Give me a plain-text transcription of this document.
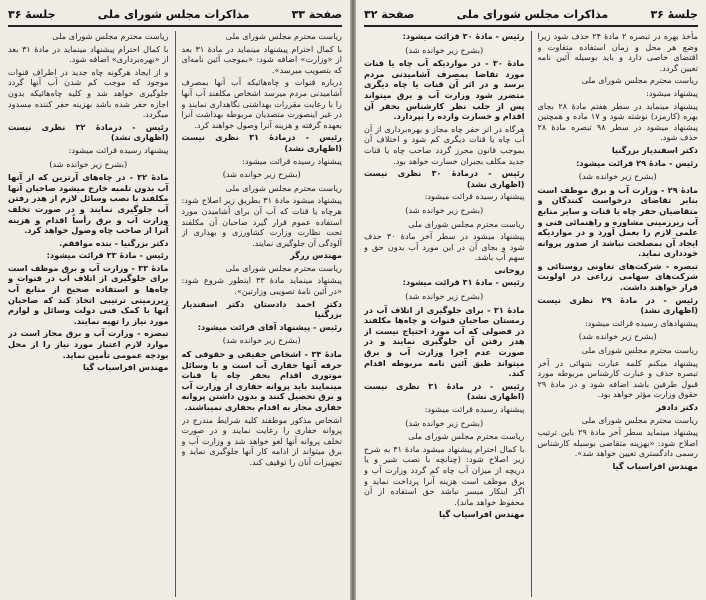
صفحة ۳۳
مذاکرات مجلس شورای ملی
جلسهٔ ۳۶

ریاست محترم مجلس شورای ملی

با کمال احترام پیشنهاد مینماید در مادهٔ ۳۱ بعد از «وزارت» اضافه شود: «بموجب آئین نامه‌ای که بتصویب میرسد».

درباره قنوات و چاه‌هائیکه آب آنها بمصرف آشامیدنی مردم میرسد اشخاص مکلفند آب آنها را با رعایت مقررات بهداشتی نگاهداری نمایند و در غیر اینصورت متصدیان مربوطه بهداشت آنرا بعهده گرفته و هزینه آنرا وصول خواهند کرد.

رئیس - درمادهٔ ۳۱ نظری نیست (اظهاری نشد)

پیشنهاد رسیده قرائت میشود:

(بشرح زیر خوانده شد)

ریاست محترم مجلس شورای ملی

پیشنهاد میشود مادهٔ ۳۱ بطریق زیر اصلاح شود: هرچاه یا قنات که آب آن برای آشامیدن مورد استفاده عموم قرار گیرد صاحبان آن مکلفند تحت نظارت وزارت کشاورزی و بهداری از آلودگی آن جلوگیری نمایند.

مهندس زرگر

ریاست محترم مجلس شورای ملی

پیشنهاد مینماید مادهٔ ۳۳ اینطور شروع شود: «در آئین نامهٔ تصویبی وزارتین».

دکتر احمد دادستان دکتر اسفندیار بزرگنیا

رئیس - پیشنهاد آقای قرائت میشود:

(بشرح زیر خوانده شد)

مادهٔ ۳۴ - اشخاص حقیقی و حقوقی که حرفه آنها حفاری آب است و با وسائل موتوری اقدام بحفر چاه یا قنات مینمایند باید پروانه حفاری از وزارت آب و برق تحصیل کنند و بدون داشتن پروانه حفاری مجاز به اقدام بحفاری نمیباشند.

اشخاص مذکور موظفند کلیه شرایط مندرج در پروانه حفاری را رعایت نمایند و در صورت تخلف پروانه آنها لغو خواهد شد و وزارت آب و برق میتواند از ادامه کار آنها جلوگیری نماید و تجهیزات آنان را توقیف کند.

ریاست محترم مجلس شورای ملی

با کمال احترام پیشنهاد مینماید در مادهٔ ۳۱ بعد از «بهره‌برداری» اضافه شود.

و از ایجاد هرگونه چاه جدید در اطراف قنوات موجود که موجب کم شدن آب آنها گردد جلوگیری خواهد شد و کلیه چاه‌هائیکه بدون اجازه حفر شده باشد بهزینه حفر کننده مسدود میگردد.

رئیس - درمادهٔ ۳۲ نظری نیست (اظهاری نشد)

پیشنهاد رسیده قرائت میشود:

(بشرح زیر خوانده شد)

مادهٔ ۳۲ - در چاه‌های آرتزین که از آنها آب بدون تلمبه خارج میشود صاحبان آنها مکلفند با نصب وسائل لازم از هدر رفتن آب جلوگیری نمایند و در صورت تخلف وزارت آب و برق رأساً اقدام و هزینه آنرا از صاحب چاه وصول خواهد کرد.

دکتر بزرگنیا - بنده موافقم.

رئیس - مادهٔ ۳۳ قرائت میشود:

مادهٔ ۳۳ - وزارت آب و برق موظف است برای جلوگیری از اتلاف آب در قنوات و چاه‌ها و استفاده صحیح از منابع آب زیرزمینی ترتیبی اتخاذ کند که صاحبان آنها با کمک فنی دولت وسائل و لوازم مورد نیاز را تهیه نمایند.

تبصره - وزارت آب و برق مجاز است در موارد لازم اعتبار مورد نیاز را از محل بودجه عمومی تأمین نماید.

مهندس افراسیاب گیا

جلسهٔ ۳۶
مذاکرات مجلس شورای ملی
صفحة ۳۲

مأخذ بهره در تبصره ۲ مادهٔ ۲۴ حذف شود زیرا وضع هر محل و زمان استفاده متفاوت و اقتضای خاصی دارد و باید بوسیله آئین نامه تعیین گردد.

ریاست محترم مجلس شورای ملی

پیشنهاد میشود:

پیشنهاد مینماید در سطر هفتم مادهٔ ۲۸ بجای بهره (کارمزد) نوشته شود و ۱۷ ماده و همچنین پیشنهاد میشود در سطر ۹۸ تبصره مادهٔ ۲۸ حذف شود.

دکتر اسفندیار بزرگنیا

رئیس - مادهٔ ۲۹ قرائت میشود:

(بشرح زیر خوانده شد)

مادهٔ ۲۹ - وزارت آب و برق موظف است بنابر تقاضای درخواست کنندگان و متقاضیان حفر چاه یا قنات و سایر منابع آب زیرزمینی مشاوره و راهنمائی فنی و علمی لازم را بعمل آورد و در مواردیکه ایجاد آن بمصلحت نباشد از صدور پروانه خودداری نماید.

تبصره - شرکت‌های تعاونی روستائی و شرکت‌های سهامی زراعی در اولویت قرار خواهند داشت.

رئیس - در مادهٔ ۲۹ نظری نیست (اظهاری نشد)

پیشنهادهای رسیده قرائت میشود:

(بشرح زیر خوانده شد)

ریاست محترم مجلس شورای ملی

پیشنهاد میکنم کلمه عبارت بتنهائی در آخر تبصره حذف و عبارت کارشناس مربوطه مورد قبول طرفین باشد اضافه شود و در مادهٔ ۲۹ حقوق وزارت مؤثر خواهد بود.

دکتر دادفر

ریاست محترم مجلس شورای ملی

پیشنهاد مینماید سطر آخر مادهٔ ۲۹ باین ترتیب اصلاح شود: «بهزینه متقاضی بوسیله کارشناس رسمی دادگستری تعیین خواهد شد».

مهندس افراسیاب گیا

رئیس - مادهٔ ۳۰ قرائت میشود:

(بشرح زیر خوانده شد)

مادهٔ ۳۰ - در مواردیکه آب چاه یا قنات مورد تقاضا بمصرف آشامیدنی مردم برسد و در اثر آن قنات یا چاه دیگری متضرر شود وزارت آب و برق میتواند پس از جلب نظر کارشناس بحفر آن اقدام و خسارت وارده را بپردازد.

هرگاه در اثر حفر چاه مجاز و بهره‌برداری از آن آب چاه یا قنات دیگری کم شود و اختلاف آن بموجب قانون محرز گردد صاحب چاه یا قنات جدید مکلف بجبران خسارت خواهد بود.

رئیس - درمادهٔ ۳۰ نظری نیست (اظهاری نشد)

پیشنهاد رسیده قرائت میشود:

(بشرح زیر خوانده شد)

ریاست محترم مجلس شورای ملی

پیشنهاد میشود در سطر آخر مادهٔ ۳۰ حذف شود و بجای آن در این مورد آب بدون حق و سهم آب باشد.

روحانی

رئیس - مادهٔ ۳۱ قرائت میشود:

(بشرح زیر خوانده شد)

مادهٔ ۳۱ - برای جلوگیری از اتلاف آب در زمستان صاحبان قنوات و چاه‌ها مکلفند در فصولی که آب مورد احتیاج نیست از هدر رفتن آن جلوگیری نمایند و در صورت عدم اجرا وزارت آب و برق میتواند طبق آئین نامه مربوطه اقدام کند.

رئیس - در مادهٔ ۳۱ نظری نیست (اظهاری نشد)

پیشنهاد رسیده قرائت میشود:

(بشرح زیر خوانده شد)

ریاست محترم مجلس شورای ملی

با کمال احترام پیشنهاد میشود مادهٔ ۳۱ به شرح زیر اصلاح شود: (چنانچه با نصب شیر و یا دریچه از میزان آب چاه کم گردد وزارت آب و برق موظف است هزینه آنرا پرداخت نماید و اگر اینکار میسر نباشد حق استفاده از آن محفوظ خواهد ماند).

مهندس افراسیاب گیا
